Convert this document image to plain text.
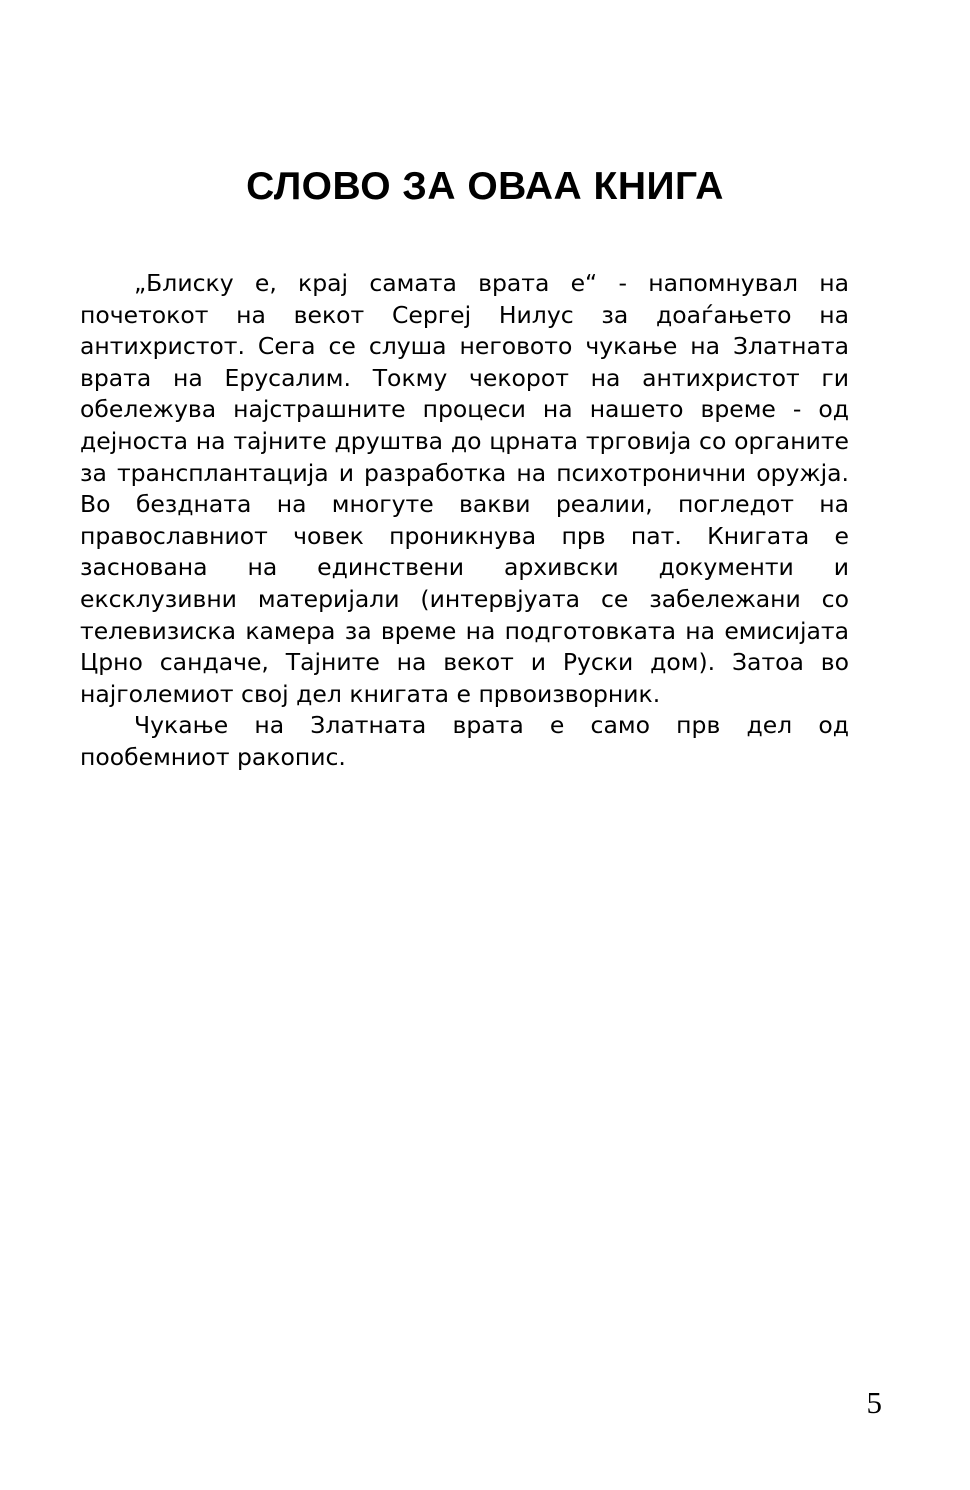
СЛОВО ЗА ОВАА КНИГА

„Блиску е, крај самата врата е“ - напомнувал на почетокот на векот Сергеј Нилус за доаѓањето на антихристот. Сега се слуша неговото чукање на Златната врата на Ерусалим. Токму чекорот на антихристот ги обележува најстрашните процеси на нашето време - од дејноста на тајните друштва до црната трговија со органите за трансплантација и разработка на психотронични оружја. Во бездната на многуте вакви реалии, погледот на православниот човек проникнува прв пат. Книгата е заснована на единствени архивски документи и ексклузивни материјали (интервјуата се забележани со телевизиска камера за време на подготовката на емисијата Црно сандаче, Тајните на векот и Руски дом). Затоа во најголемиот свој дел книгата е првоизворник.

Чукање на Златната врата е само прв дел од пообемниот ракопис.

5
